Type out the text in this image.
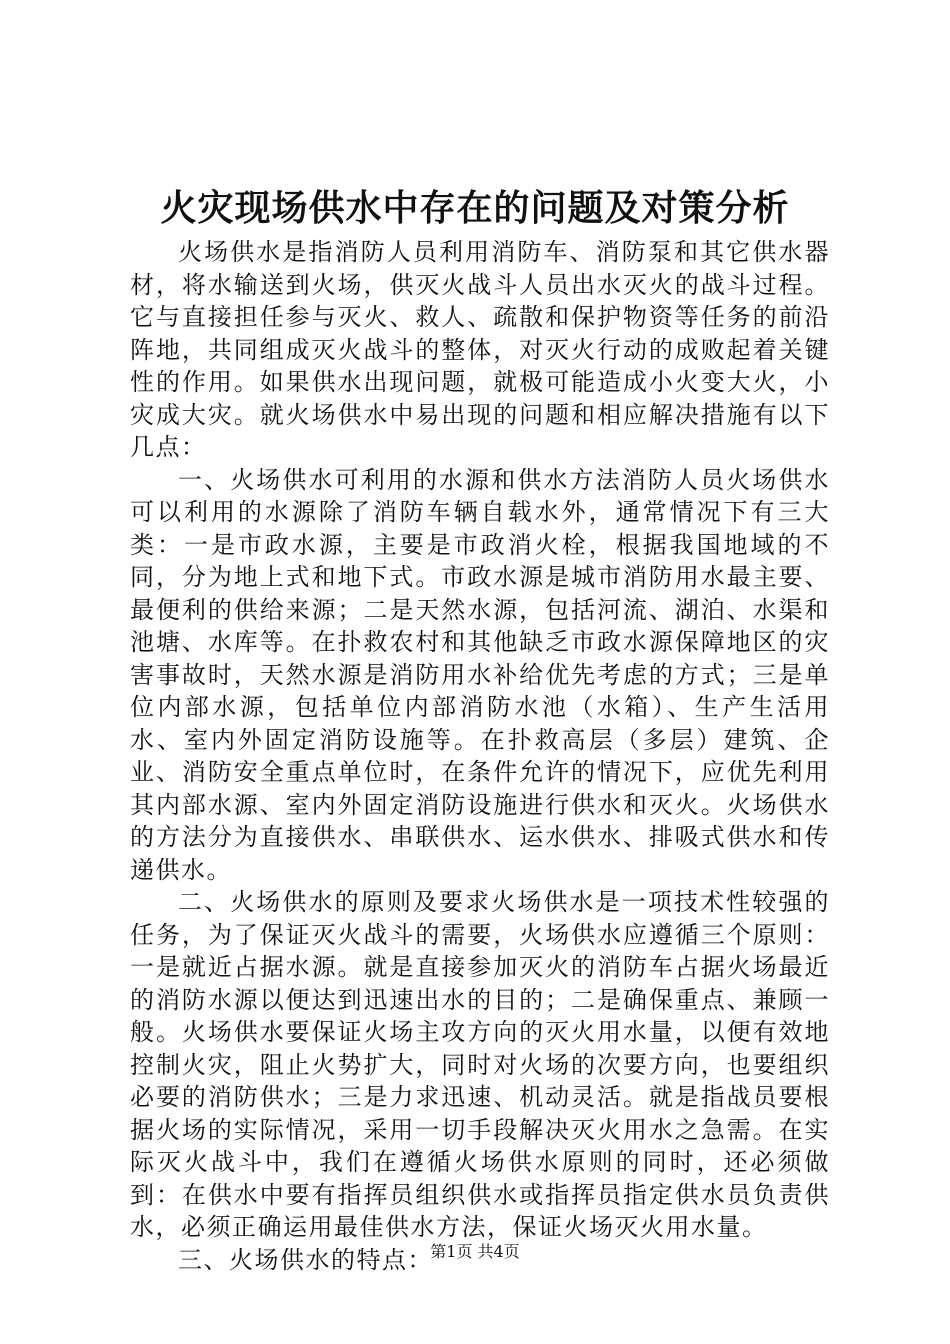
火灾现场供水中存在的问题及对策分析

火场供水是指消防人员利用消防车、消防泵和其它供水器材，将水输送到火场，供灭火战斗人员出水灭火的战斗过程。它与直接担任参与灭火、救人、疏散和保护物资等任务的前沿阵地，共同组成灭火战斗的整体，对灭火行动的成败起着关键性的作用。如果供水出现问题，就极可能造成小火变大火，小灾成大灾。就火场供水中易出现的问题和相应解决措施有以下几点：

一、火场供水可利用的水源和供水方法消防人员火场供水可以利用的水源除了消防车辆自载水外，通常情况下有三大类：一是市政水源，主要是市政消火栓，根据我国地域的不同，分为地上式和地下式。市政水源是城市消防用水最主要、最便利的供给来源；二是天然水源，包括河流、湖泊、水渠和池塘、水库等。在扑救农村和其他缺乏市政水源保障地区的灾害事故时，天然水源是消防用水补给优先考虑的方式；三是单位内部水源，包括单位内部消防水池（水箱）、生产生活用水、室内外固定消防设施等。在扑救高层（多层）建筑、企业、消防安全重点单位时，在条件允许的情况下，应优先利用其内部水源、室内外固定消防设施进行供水和灭火。火场供水的方法分为直接供水、串联供水、运水供水、排吸式供水和传递供水。

二、火场供水的原则及要求火场供水是一项技术性较强的任务，为了保证灭火战斗的需要，火场供水应遵循三个原则：一是就近占据水源。就是直接参加灭火的消防车占据火场最近的消防水源以便达到迅速出水的目的；二是确保重点、兼顾一般。火场供水要保证火场主攻方向的灭火用水量，以便有效地控制火灾，阻止火势扩大，同时对火场的次要方向，也要组织必要的消防供水；三是力求迅速、机动灵活。就是指战员要根据火场的实际情况，采用一切手段解决灭火用水之急需。在实际灭火战斗中，我们在遵循火场供水原则的同时，还必须做到：在供水中要有指挥员组织供水或指挥员指定供水员负责供水，必须正确运用最佳供水方法，保证火场灭火用水量。

三、火场供水的特点：

第1页 共4页
